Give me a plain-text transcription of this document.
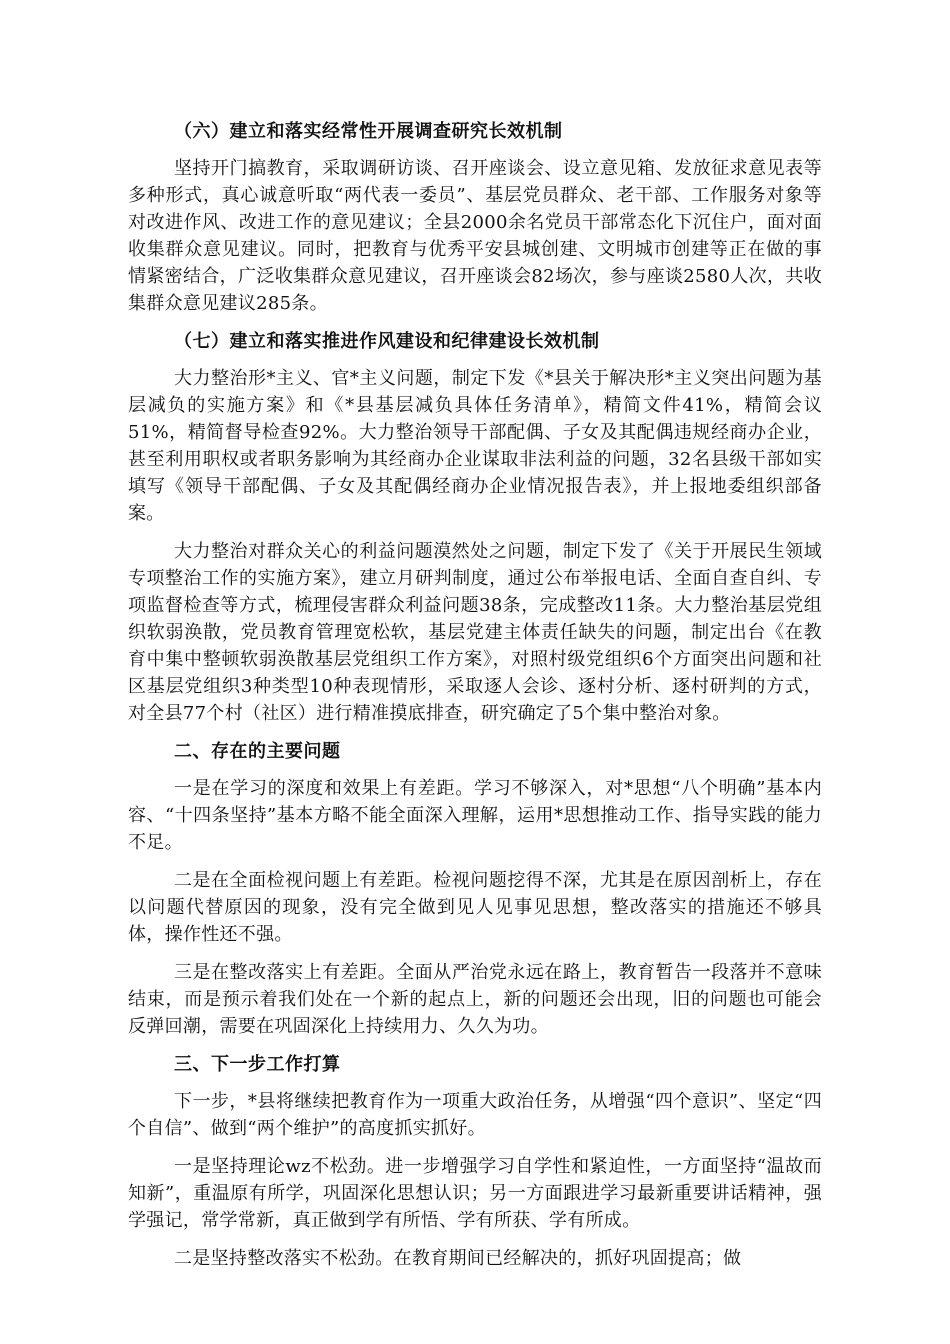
（六）建立和落实经常性开展调查研究长效机制

坚持开门搞教育，采取调研访谈、召开座谈会、设立意见箱、发放征求意见表等多种形式，真心诚意听取“两代表一委员”、基层党员群众、老干部、工作服务对象等对改进作风、改进工作的意见建议；全县2000余名党员干部常态化下沉住户，面对面收集群众意见建议。同时，把教育与优秀平安县城创建、文明城市创建等正在做的事情紧密结合，广泛收集群众意见建议，召开座谈会82场次，参与座谈2580人次，共收集群众意见建议285条。

（七）建立和落实推进作风建设和纪律建设长效机制

大力整治形*主义、官*主义问题，制定下发《*县关于解决形*主义突出问题为基层减负的实施方案》和《*县基层减负具体任务清单》，精简文件41%，精简会议51%，精简督导检查92%。大力整治领导干部配偶、子女及其配偶违规经商办企业，甚至利用职权或者职务影响为其经商办企业谋取非法利益的问题，32名县级干部如实填写《领导干部配偶、子女及其配偶经商办企业情况报告表》，并上报地委组织部备案。

大力整治对群众关心的利益问题漠然处之问题，制定下发了《关于开展民生领域专项整治工作的实施方案》，建立月研判制度，通过公布举报电话、全面自查自纠、专项监督检查等方式，梳理侵害群众利益问题38条，完成整改11条。大力整治基层党组织软弱涣散，党员教育管理宽松软，基层党建主体责任缺失的问题，制定出台《在教育中集中整顿软弱涣散基层党组织工作方案》，对照村级党组织6个方面突出问题和社区基层党组织3种类型10种表现情形，采取逐人会诊、逐村分析、逐村研判的方式，对全县77个村（社区）进行精准摸底排查，研究确定了5个集中整治对象。

二、存在的主要问题

一是在学习的深度和效果上有差距。学习不够深入，对*思想“八个明确”基本内容、“十四条坚持”基本方略不能全面深入理解，运用*思想推动工作、指导实践的能力不足。

二是在全面检视问题上有差距。检视问题挖得不深，尤其是在原因剖析上，存在以问题代替原因的现象，没有完全做到见人见事见思想，整改落实的措施还不够具体，操作性还不强。

三是在整改落实上有差距。全面从严治党永远在路上，教育暂告一段落并不意味结束，而是预示着我们处在一个新的起点上，新的问题还会出现，旧的问题也可能会反弹回潮，需要在巩固深化上持续用力、久久为功。

三、下一步工作打算

下一步，*县将继续把教育作为一项重大政治任务，从增强“四个意识”、坚定“四个自信”、做到“两个维护”的高度抓实抓好。

一是坚持理论wz不松劲。进一步增强学习自学性和紧迫性，一方面坚持“温故而知新”，重温原有所学，巩固深化思想认识；另一方面跟进学习最新重要讲话精神，强学强记，常学常新，真正做到学有所悟、学有所获、学有所成。

二是坚持整改落实不松劲。在教育期间已经解决的，抓好巩固提高；做
